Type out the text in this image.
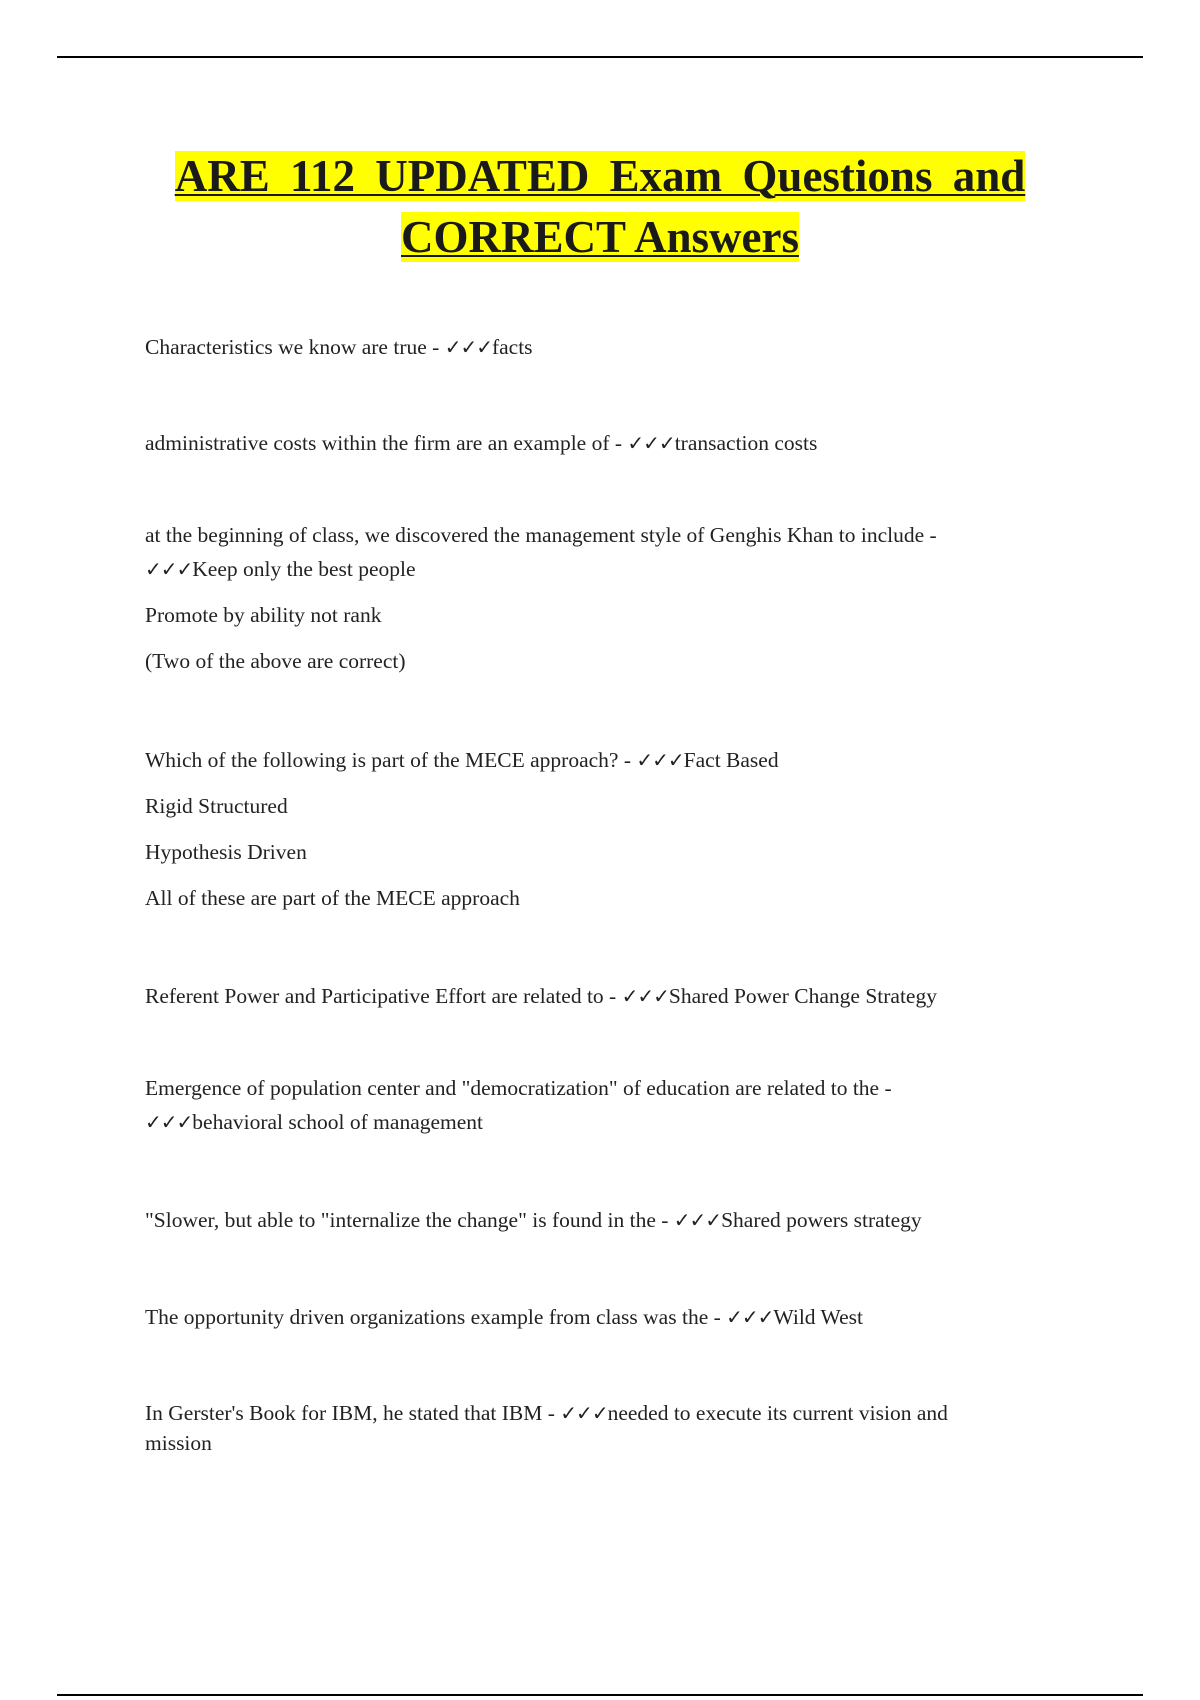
ARE 112 UPDATED Exam Questions and
CORRECT Answers
Characteristics we know are true - ✓✓✓facts
administrative costs within the firm are an example of - ✓✓✓transaction costs
at the beginning of class, we discovered the management style of Genghis Khan to include -
✓✓✓Keep only the best people
Promote by ability not rank
(Two of the above are correct)
Which of the following is part of the MECE approach? - ✓✓✓Fact Based
Rigid Structured
Hypothesis Driven
All of these are part of the MECE approach
Referent Power and Participative Effort are related to - ✓✓✓Shared Power Change Strategy
Emergence of population center and "democratization" of education are related to the -
✓✓✓behavioral school of management
"Slower, but able to "internalize the change" is found in the - ✓✓✓Shared powers strategy
The opportunity driven organizations example from class was the - ✓✓✓Wild West
In Gerster's Book for IBM, he stated that IBM - ✓✓✓needed to execute its current vision and
mission
